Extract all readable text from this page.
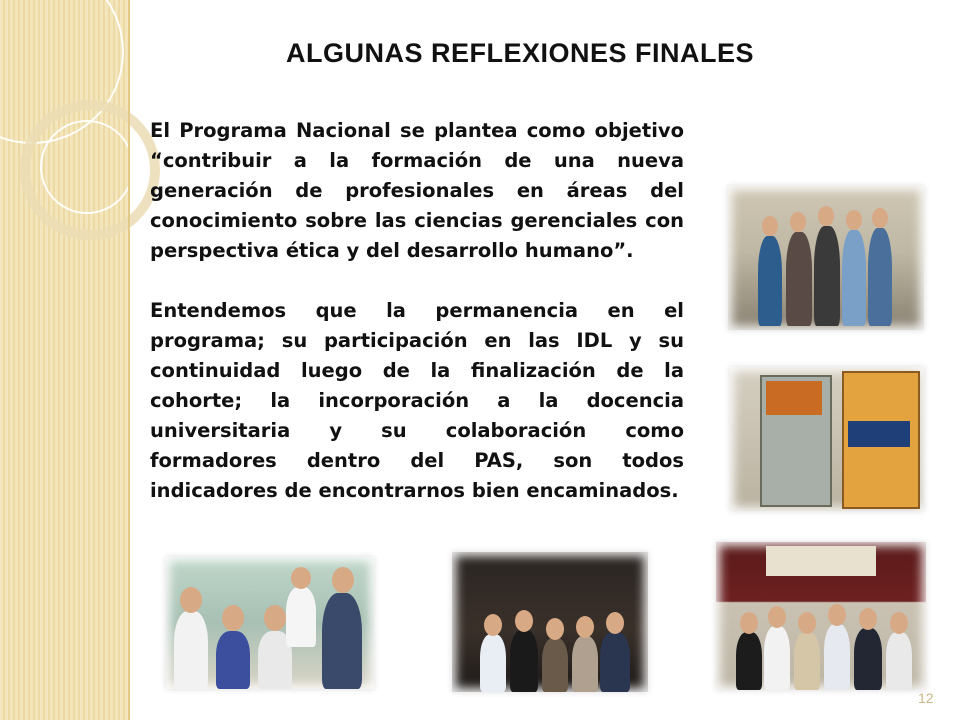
ALGUNAS REFLEXIONES FINALES

El Programa Nacional se plantea como objetivo “contribuir a la formación de una nueva generación de profesionales en áreas del conocimiento sobre las ciencias gerenciales con perspectiva ética y del desarrollo humano”.

Entendemos que la permanencia en el programa; su participación en las IDL y su continuidad luego de la finalización de la cohorte; la incorporación a la docencia universitaria y su colaboración como formadores dentro del PAS, son todos indicadores de encontrarnos bien encaminados.

12
